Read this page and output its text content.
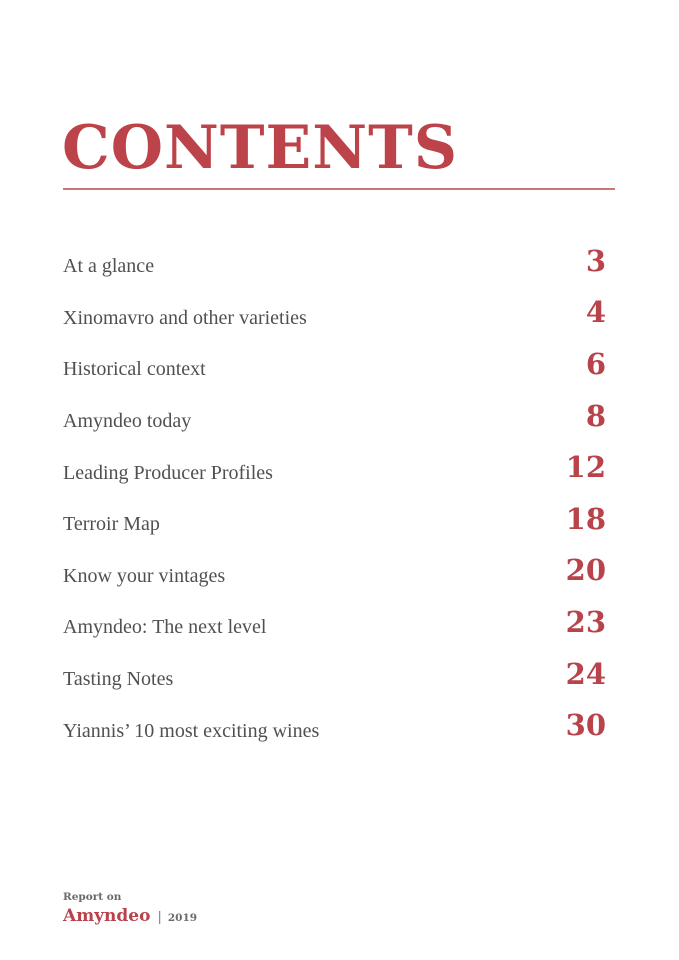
CONTENTS
At a glance	3
Xinomavro and other varieties	4
Historical context	6
Amyndeo today	8
Leading Producer Profiles	12
Terroir Map	18
Know your vintages	20
Amyndeo: The next level	23
Tasting Notes	24
Yiannis’ 10 most exciting wines	30
Report on
Amyndeo | 2019
